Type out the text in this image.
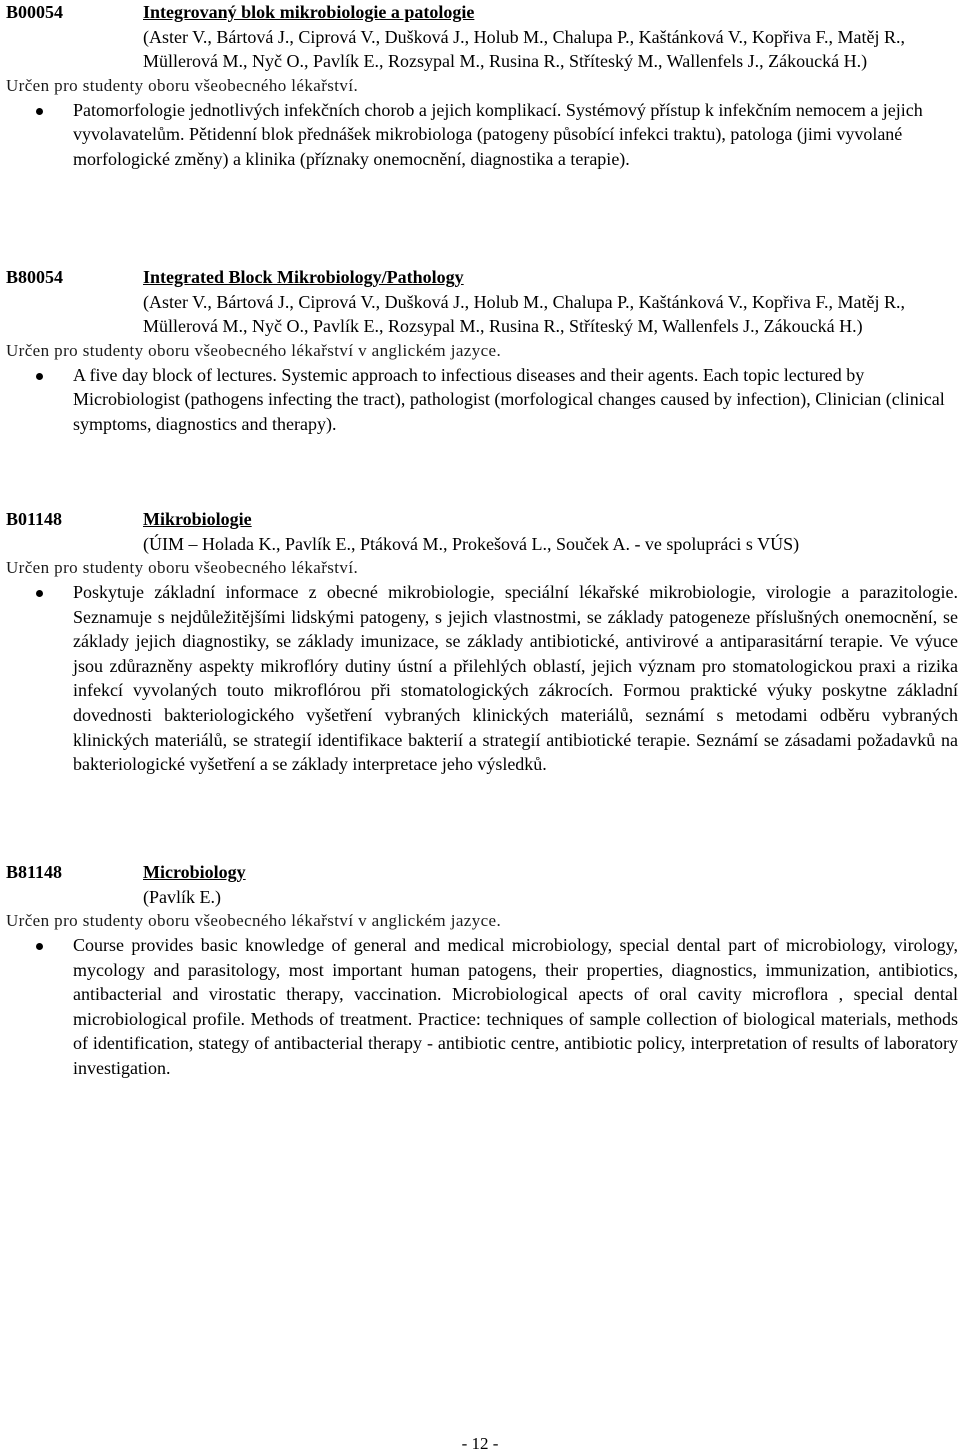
B00054	Integrovaný blok mikrobiologie a patologie
(Aster V., Bártová J., Ciprová V., Dušková J., Holub M., Chalupa P., Kaštánková V., Kopřiva F., Matěj R., Müllerová M., Nyč O., Pavlík E., Rozsypal M., Rusina R., Stříteský M., Wallenfels J., Zákoucká H.)
Určen pro studenty oboru všeobecného lékařství.
Patomorfologie jednotlivých infekčních chorob a jejich komplikací. Systémový přístup k infekčním nemocem a jejich vyvolavatelům. Pětidenní blok přednášek mikrobiologa (patogeny působící infekci traktu), patologa (jimi vyvolané morfologické změny) a klinika (příznaky onemocnění, diagnostika a terapie).
B80054	Integrated Block Mikrobiology/Pathology
(Aster V., Bártová J., Ciprová V., Dušková J., Holub M., Chalupa P., Kaštánková V., Kopřiva F., Matěj R., Müllerová M., Nyč O., Pavlík E., Rozsypal M., Rusina R., Stříteský M, Wallenfels J., Zákoucká H.)
Určen pro studenty oboru všeobecného lékařství v anglickém jazyce.
A five day block of lectures. Systemic approach to infectious diseases and their agents. Each topic lectured by Microbiologist (pathogens infecting the tract), pathologist (morfological changes caused by infection), Clinician (clinical symptoms, diagnostics and therapy).
B01148	Mikrobiologie
(ÚIM – Holada K., Pavlík E., Ptáková M., Prokešová L., Souček A. - ve spolupráci s VÚS)
Určen pro studenty oboru všeobecného lékařství.
Poskytuje základní informace z obecné mikrobiologie, speciální lékařské mikrobiologie, virologie a parazitologie. Seznamuje s nejdůležitějšími lidskými patogeny, s jejich vlastnostmi, se základy patogeneze příslušných onemocnění, se základy jejich diagnostiky, se základy imunizace, se základy antibiotické, antivirové a antiparasitární terapie. Ve výuce jsou zdůrazněny aspekty mikroflóry dutiny ústní a přilehlých oblastí, jejich význam pro stomatologickou praxi a rizika infekcí vyvolaných touto mikroflórou při stomatologických zákrocích. Formou praktické výuky poskytne základní dovednosti bakteriologického vyšetření vybraných klinických materiálů, seznámí s metodami odběru vybraných klinických materiálů, se strategií identifikace bakterií a strategií antibiotické terapie. Seznámí se zásadami požadavků na bakteriologické vyšetření a se základy interpretace jeho výsledků.
B81148	Microbiology
(Pavlík E.)
Určen pro studenty oboru všeobecného lékařství v anglickém jazyce.
Course provides basic knowledge of general and medical microbiology, special dental part of microbiology, virology, mycology and parasitology, most important human patogens, their properties, diagnostics, immunization, antibiotics, antibacterial and virostatic therapy, vaccination. Microbiological apects of oral cavity microflora , special dental microbiological profile. Methods of treatment. Practice: techniques of sample collection of biological materials, methods of identification, stategy of antibacterial therapy - antibiotic centre, antibiotic policy, interpretation of results of laboratory investigation.
- 12 -
